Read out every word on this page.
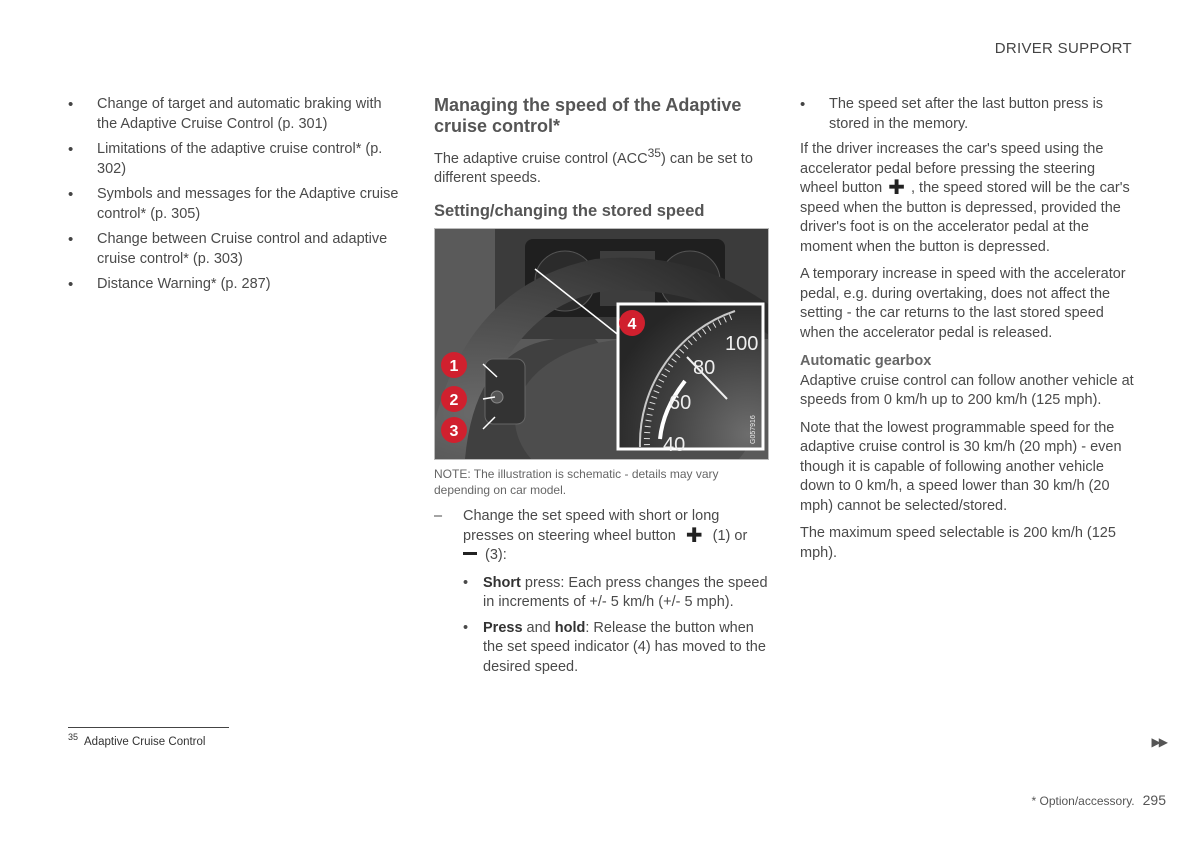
DRIVER SUPPORT
• Change of target and automatic braking with the Adaptive Cruise Control (p. 301)
• Limitations of the adaptive cruise control* (p. 302)
• Symbols and messages for the Adaptive cruise control* (p. 305)
• Change between Cruise control and adaptive cruise control* (p. 303)
• Distance Warning* (p. 287)
Managing the speed of the Adaptive cruise control*

The adaptive cruise control (ACC$^{35}$) can be set to different speeds.

Setting/changing the stored speed
100
80
60
40
G057916
1
2
3
4
NOTE: The illustration is schematic - details may vary depending on car model.
– Change the set speed with short or long presses on steering wheel button ✚ (1) or
(3):
• Short press: Each press changes the speed in increments of +/- 5 km/h (+/- 5 mph).
• Press and hold: Release the button when the set speed indicator (4) has moved to the desired speed.
• The speed set after the last button press is stored in the memory.

If the driver increases the car's speed using the accelerator pedal before pressing the steering wheel button ✚ , the speed stored will be the car's speed when the button is depressed, provided the driver's foot is on the accelerator pedal at the moment when the button is depressed.

A temporary increase in speed with the accelerator pedal, e.g. during overtaking, does not affect the setting - the car returns to the last stored speed when the accelerator pedal is released.

Automatic gearbox

Adaptive cruise control can follow another vehicle at speeds from 0 km/h up to 200 km/h (125 mph).

Note that the lowest programmable speed for the adaptive cruise control is 30 km/h (20 mph) - even though it is capable of following another vehicle down to 0 km/h, a speed lower than 30 km/h (20 mph) cannot be selected/stored.

The maximum speed selectable is 200 km/h (125 mph).

$^{35}$ Adaptive Cruise Control	▶▶
* Option/accessory. 295
